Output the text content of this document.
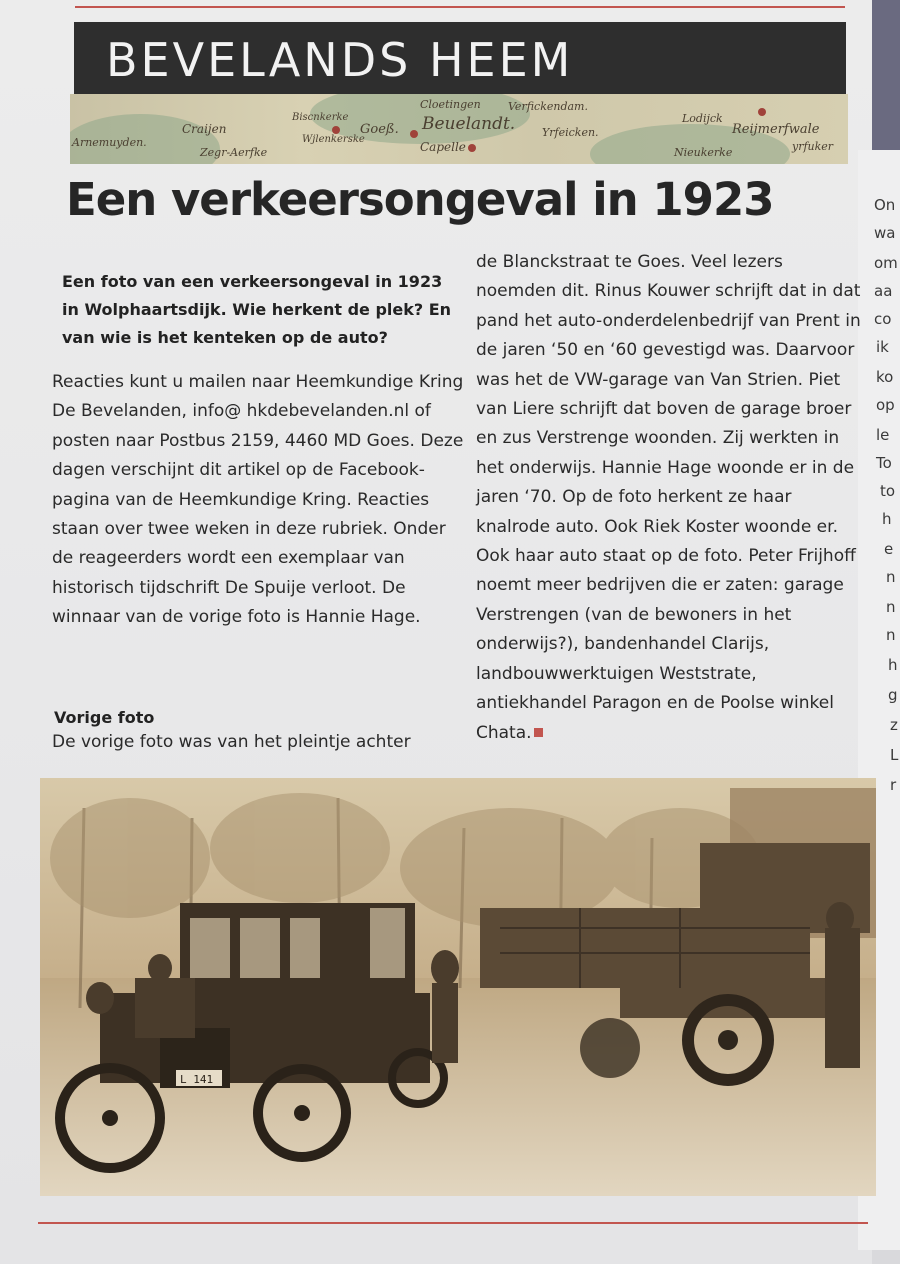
BEVELANDS HEEM
Arnemuyden.
Craijen
Zegr-Aerfke
Biscnkerke
Goeß.
Wjlenkerske
Cloetingen
Beuelandt.
Capelle
Verfickendam.
Yrfeicken.
Lodijck
Reijmerfwale
Nieukerke	yrfuker
Een verkeersongeval in 1923

Een foto van een verkeersongeval in 1923 in Wolphaartsdijk. Wie herkent de plek? En van wie is het kenteken op de auto?

Reacties kunt u mailen naar Heemkundige Kring De Bevelanden, info@ hkdebevelanden.nl of posten naar Postbus 2159, 4460 MD Goes. Deze dagen verschijnt dit artikel op de Facebook-pagina van de Heemkundige Kring. Reacties staan over twee weken in deze rubriek. Onder de reageerders wordt een exemplaar van historisch tijdschrift De Spuije verloot. De winnaar van de vorige foto is Hannie Hage.

Vorige foto

De vorige foto was van het pleintje achter

de Blanckstraat te Goes. Veel lezers noemden dit. Rinus Kouwer schrijft dat in dat pand het auto-onderdelenbedrijf van Prent in de jaren ‘50 en ‘60 gevestigd was. Daarvoor was het de VW-garage van Van Strien. Piet van Liere schrijft dat boven de garage broer en zus Verstrenge woonden. Zij werkten in het onderwijs. Hannie Hage woonde er in de jaren ‘70. Op de foto herkent ze haar knalrode auto. Ook Riek Koster woonde er. Ook haar auto staat op de foto. Peter Frijhoff noemt meer bedrijven die er zaten: garage Verstrengen (van de bewoners in het onderwijs?), bandenhandel Clarijs, landbouwwerktuigen Weststrate, antiekhandel Paragon en de Poolse winkel Chata.

L 141
On
wa
om
aa
co
ik
ko
op
le
To
to
h
e
n
n
n
h
g
z
L
r
